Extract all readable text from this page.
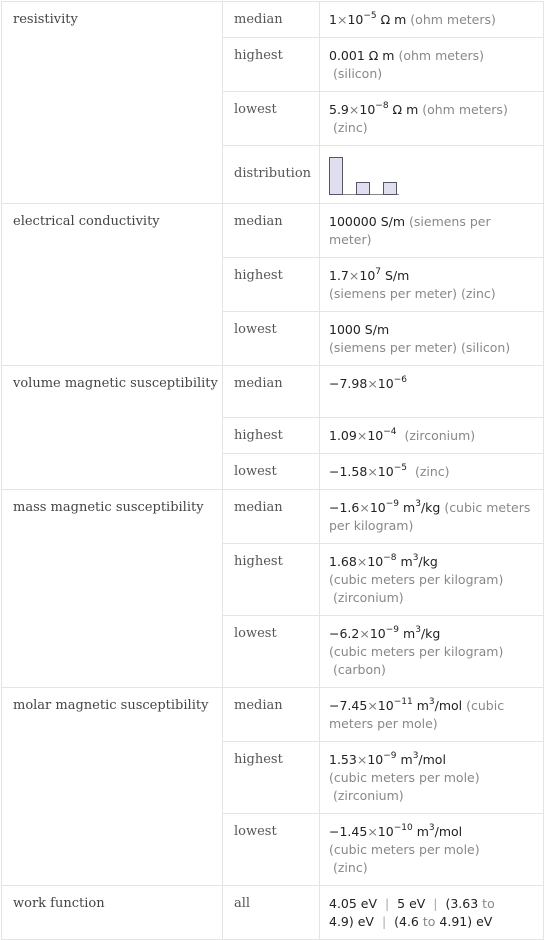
resistivity	median	$1\times 10^{-5}$ Ω m (ohm meters)
	highest	0.001 Ω m (ohm meters)
(silicon)
	lowest	$5.9\times 10^{-8}$ Ω m (ohm meters)
(zinc)
	distribution	

electrical conductivity	median	100000 S/m (siemens per meter)
	highest	$1.7\times 10^7$ S/m
(siemens per meter) (zinc)
	lowest	1000 S/m
(siemens per meter) (silicon)
volume magnetic susceptibility	median	$-7.98\times 10^{-6}$
	highest	$1.09\times 10^{-4}$ (zirconium)
	lowest	$-1.58\times 10^{-5}$ (zinc)
mass magnetic susceptibility	median	$-1.6\times 10^{-9}$ $m^3/kg$ (cubic meters per kilogram)
	highest	$1.68\times 10^{-8}$ $m^3/kg$
(cubic meters per kilogram)
(zirconium)
	lowest	$-6.2\times 10^{-9}$ $m^3/kg$
(cubic meters per kilogram)
(carbon)
molar magnetic susceptibility	median	$-7.45\times 10^{-11}$ $m^3$/mol (cubic meters per mole)
	highest	$1.53\times 10^{-9}$ $m^3$/mol
(cubic meters per mole)
(zirconium)
	lowest	$-1.45\times 10^{-10}$ $m^3$/mol
(cubic meters per mole)
(zinc)
work function	all	4.05 eV | 5 eV | (3.63 to
4.9) eV | (4.6 to 4.91) eV
